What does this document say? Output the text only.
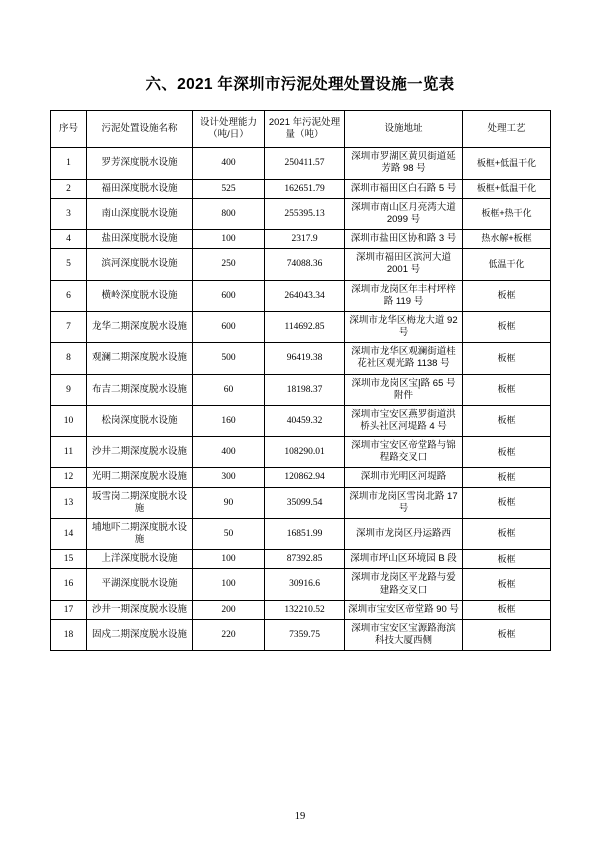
六、2021 年深圳市污泥处理处置设施一览表
序号	污泥处置设施名称	设计处理能力（吨/日）	2021 年污泥处理量（吨）	设施地址	处理工艺
1	罗芳深度脱水设施	400	250411.57	深圳市罗湖区黄贝街道延芳路 98 号	板框+低温干化
2	福田深度脱水设施	525	162651.79	深圳市福田区白石路 5 号	板框+低温干化
3	南山深度脱水设施	800	255395.13	深圳市南山区月亮湾大道 2099 号	板框+热干化
4	盐田深度脱水设施	100	2317.9	深圳市盐田区协和路 3 号	热水解+板框
5	滨河深度脱水设施	250	74088.36	深圳市福田区滨河大道 2001 号	低温干化
6	横岭深度脱水设施	600	264043.34	深圳市龙岗区年丰村坪梓路 119 号	板框
7	龙华二期深度脱水设施	600	114692.85	深圳市龙华区梅龙大道 92 号	板框
8	观澜二期深度脱水设施	500	96419.38	深圳市龙华区观澜街道桂花社区观光路 1138 号	板框
9	布吉二期深度脱水设施	60	18198.37	深圳市龙岗区宝إ路 65 号附件	板框
10	松岗深度脱水设施	160	40459.32	深圳市宝安区燕罗街道洪桥头社区河堤路 4 号	板框
11	沙井二期深度脱水设施	400	108290.01	深圳市宝安区帝堂路与锦程路交叉口	板框
12	光明二期深度脱水设施	300	120862.94	深圳市光明区河堤路	板框
13	坂雪岗二期深度脱水设施	90	35099.54	深圳市龙岗区雪岗北路 17 号	板框
14	埔地吓二期深度脱水设施	50	16851.99	深圳市龙岗区丹运路西	板框
15	上洋深度脱水设施	100	87392.85	深圳市坪山区环境园 B 段	板框
16	平湖深度脱水设施	100	30916.6	深圳市龙岗区平龙路与爱建路交叉口	板框
17	沙井一期深度脱水设施	200	132210.52	深圳市宝安区帝堂路 90 号	板框
18	固戍二期深度脱水设施	220	7359.75	深圳市宝安区宝源路海滨科技大厦西侧	板框
19
